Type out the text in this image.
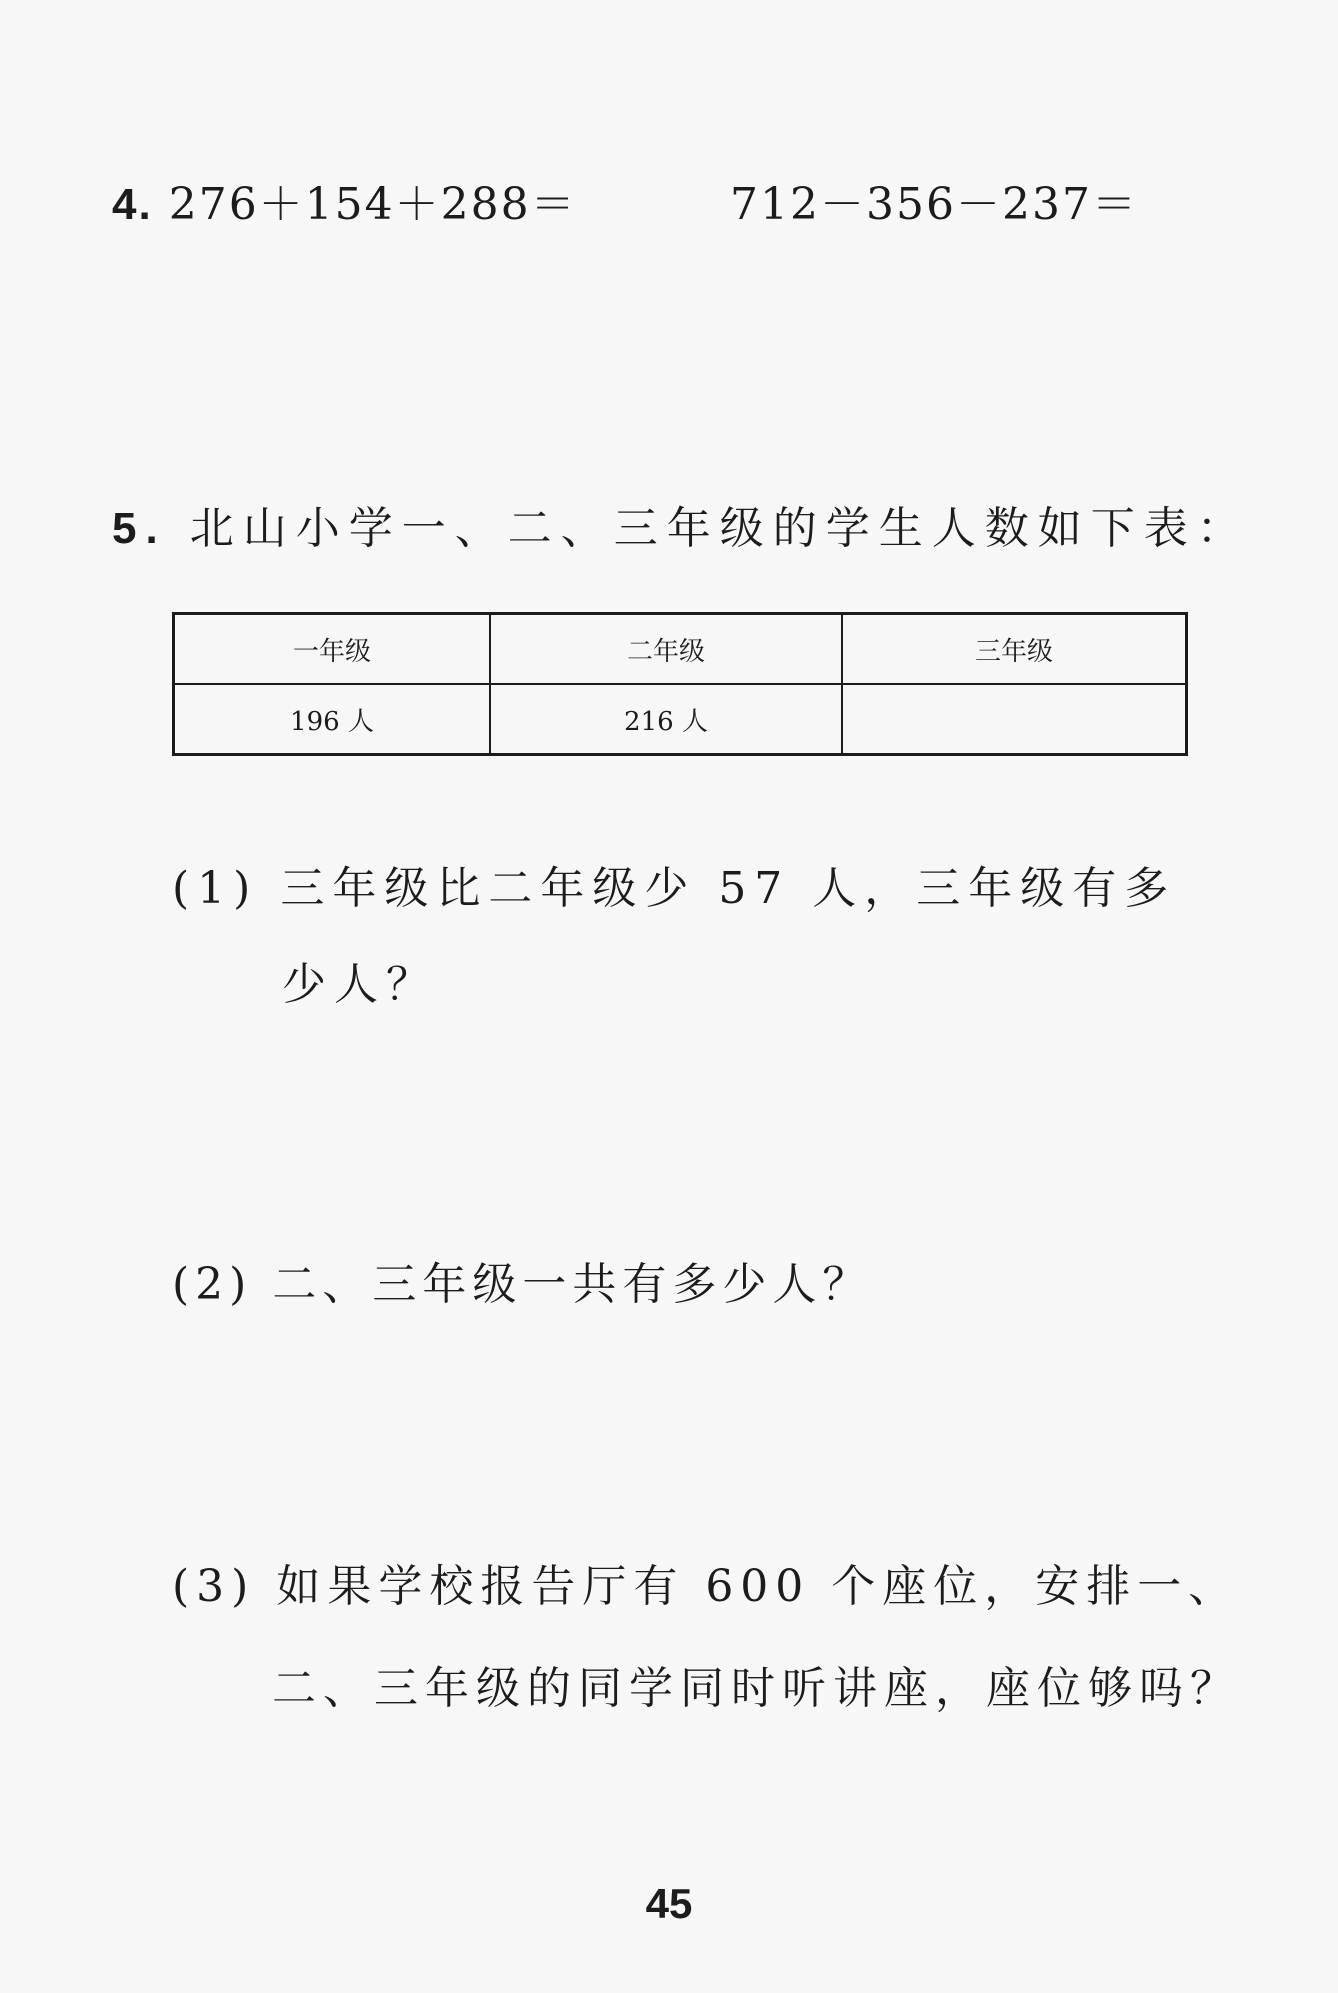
4. 276＋154＋288＝	712－356－237＝
5. 北山小学一、二、三年级的学生人数如下表：
一年级	二年级	三年级
196 人	216 人	
(1) 三年级比二年级少 57 人，三年级有多
少人？
(2) 二、三年级一共有多少人？
(3) 如果学校报告厅有 600 个座位，安排一、
二、三年级的同学同时听讲座，座位够吗？
45
